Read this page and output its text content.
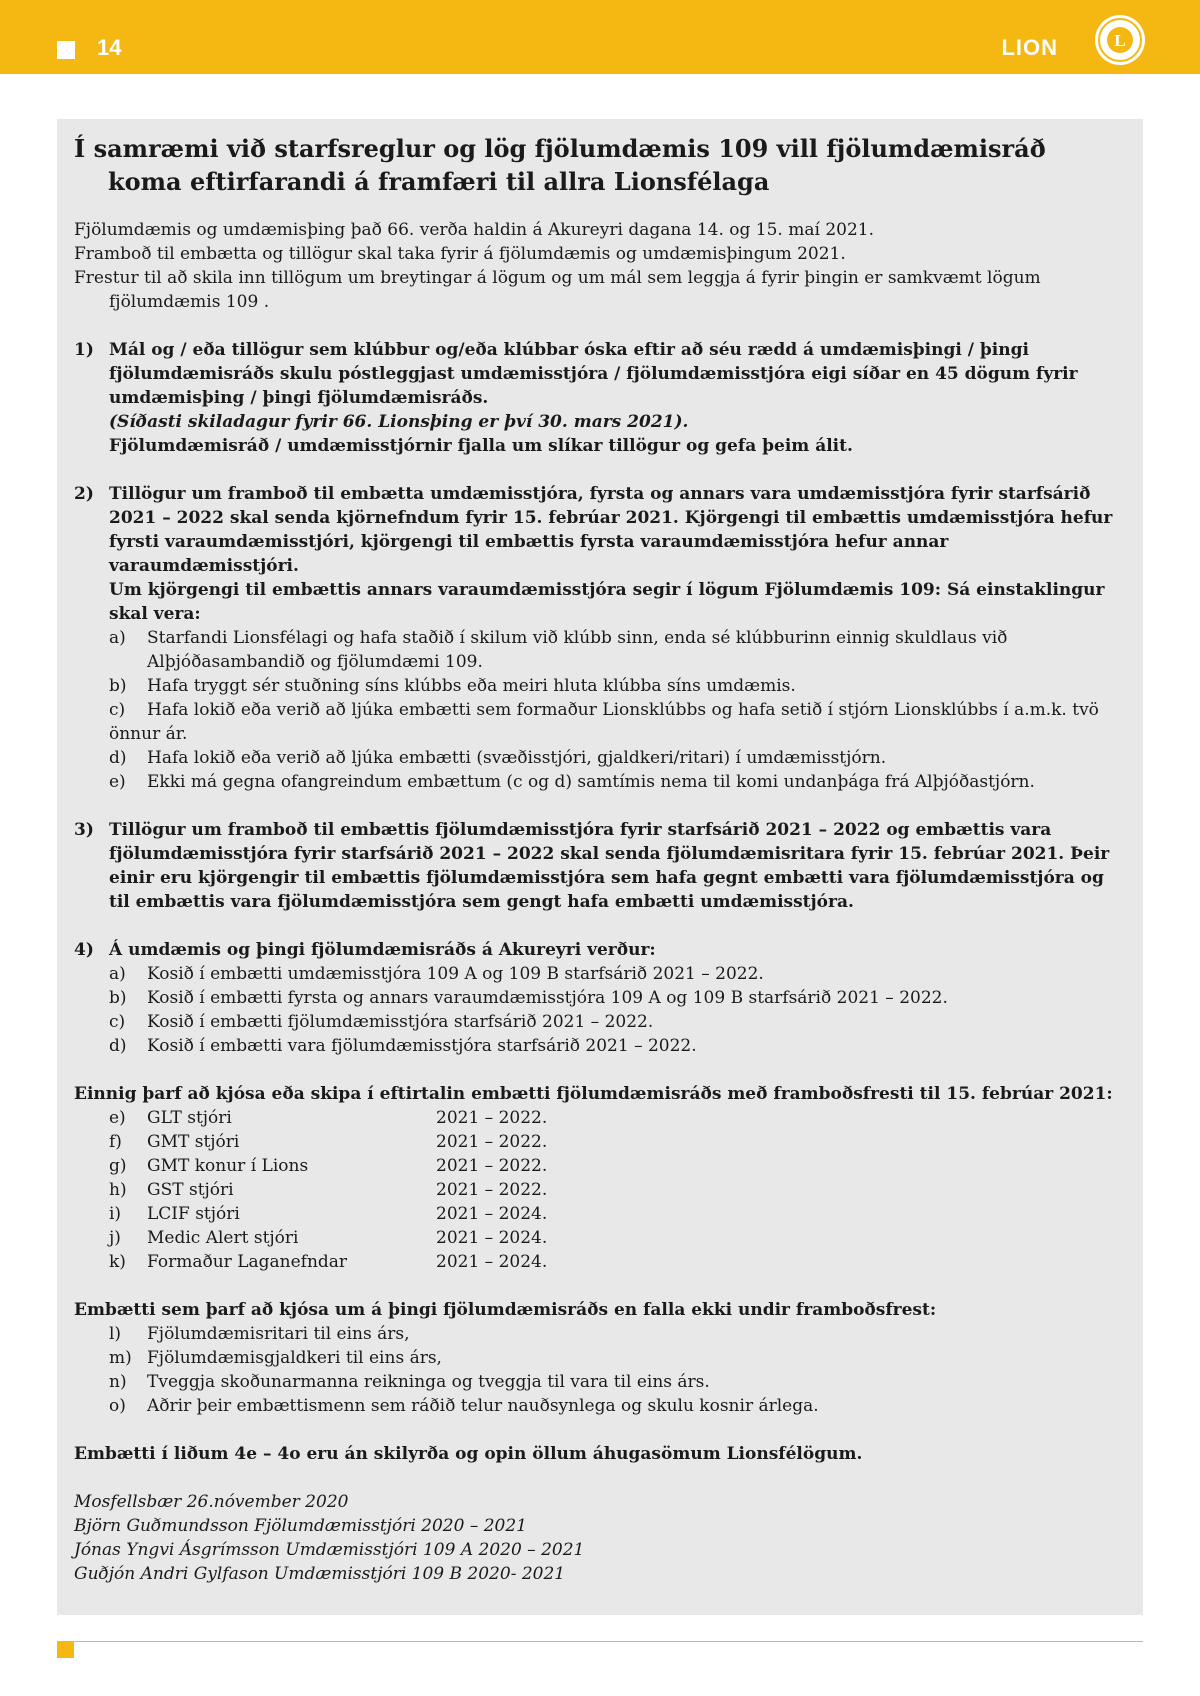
14	LION	L
Í samræmi við starfsreglur og lög fjölumdæmis 109 vill fjölumdæmisráð koma eftirfarandi á framfæri til allra Lionsfélaga

Fjölumdæmis og umdæmisþing það 66. verða haldin á Akureyri dagana 14. og 15. maí 2021.

Framboð til embætta og tillögur skal taka fyrir á fjölumdæmis og umdæmisþingum 2021.

Frestur til að skila inn tillögum um breytingar á lögum og um mál sem leggja á fyrir þingin er samkvæmt lögum fjölumdæmis 109 .

1) Mál og / eða tillögur sem klúbbur og/eða klúbbar óska eftir að séu rædd á umdæmisþingi / þingi fjölumdæmisráðs skulu póstleggjast umdæmisstjóra / fjölumdæmisstjóra eigi síðar en 45 dögum fyrir umdæmisþing / þingi fjölumdæmisráðs.

(Síðasti skiladagur fyrir 66. Lionsþing er því 30. mars 2021).

Fjölumdæmisráð / umdæmisstjórnir fjalla um slíkar tillögur og gefa þeim álit.

2) Tillögur um framboð til embætta umdæmisstjóra, fyrsta og annars vara umdæmisstjóra fyrir starfsárið 2021 – 2022 skal senda kjörnefndum fyrir 15. febrúar 2021. Kjörgengi til embættis umdæmisstjóra hefur fyrsti varaumdæmisstjóri, kjörgengi til embættis fyrsta varaumdæmisstjóra hefur annar varaumdæmisstjóri.

Um kjörgengi til embættis annars varaumdæmisstjóra segir í lögum Fjölumdæmis 109: Sá einstaklingur skal vera:

a) Starfandi Lionsfélagi og hafa staðið í skilum við klúbb sinn, enda sé klúbburinn einnig skuldlaus við Alþjóðasambandið og fjölumdæmi 109.
b) Hafa tryggt sér stuðning síns klúbbs eða meiri hluta klúbba síns umdæmis.
c) Hafa lokið eða verið að ljúka embætti sem formaður Lionsklúbbs og hafa setið í stjórn Lionsklúbbs í a.m.k. tvö önnur ár.
d) Hafa lokið eða verið að ljúka embætti (svæðisstjóri, gjaldkeri/ritari) í umdæmisstjórn.
e) Ekki má gegna ofangreindum embættum (c og d) samtímis nema til komi undanþága frá Alþjóðastjórn.
3) Tillögur um framboð til embættis fjölumdæmisstjóra fyrir starfsárið 2021 – 2022 og embættis vara fjölumdæmisstjóra fyrir starfsárið 2021 – 2022 skal senda fjölumdæmisritara fyrir 15. febrúar 2021. Þeir einir eru kjörgengir til embættis fjölumdæmisstjóra sem hafa gegnt embætti vara fjölumdæmisstjóra og til embættis vara fjölumdæmisstjóra sem gengt hafa embætti umdæmisstjóra.

4) Á umdæmis og þingi fjölumdæmisráðs á Akureyri verður:

a) Kosið í embætti umdæmisstjóra 109 A og 109 B starfsárið 2021 – 2022.
b) Kosið í embætti fyrsta og annars varaumdæmisstjóra 109 A og 109 B starfsárið 2021 – 2022.
c) Kosið í embætti fjölumdæmisstjóra starfsárið 2021 – 2022.
d) Kosið í embætti vara fjölumdæmisstjóra starfsárið 2021 – 2022.

Einnig þarf að kjósa eða skipa í eftirtalin embætti fjölumdæmisráðs með framboðsfresti til 15. febrúar 2021:

e) GLT stjóri	2021 – 2022.
f) GMT stjóri	2021 – 2022.
g) GMT konur í Lions	2021 – 2022.
h) GST stjóri	2021 – 2022.
i) LCIF stjóri	2021 – 2024.
j) Medic Alert stjóri	2021 – 2024.
k) Formaður Laganefndar	2021 – 2024.

Embætti sem þarf að kjósa um á þingi fjölumdæmisráðs en falla ekki undir framboðsfrest:

l) Fjölumdæmisritari til eins árs,
m) Fjölumdæmisgjaldkeri til eins árs,
n) Tveggja skoðunarmanna reikninga og tveggja til vara til eins árs.
o) Aðrir þeir embættismenn sem ráðið telur nauðsynlega og skulu kosnir árlega.

Embætti í liðum 4e – 4o eru án skilyrða og opin öllum áhugasömum Lionsfélögum.

Mosfellsbær 26.nóvember 2020

Björn Guðmundsson Fjölumdæmisstjóri 2020 – 2021

Jónas Yngvi Ásgrímsson Umdæmisstjóri 109 A 2020 – 2021

Guðjón Andri Gylfason Umdæmisstjóri 109 B 2020- 2021
